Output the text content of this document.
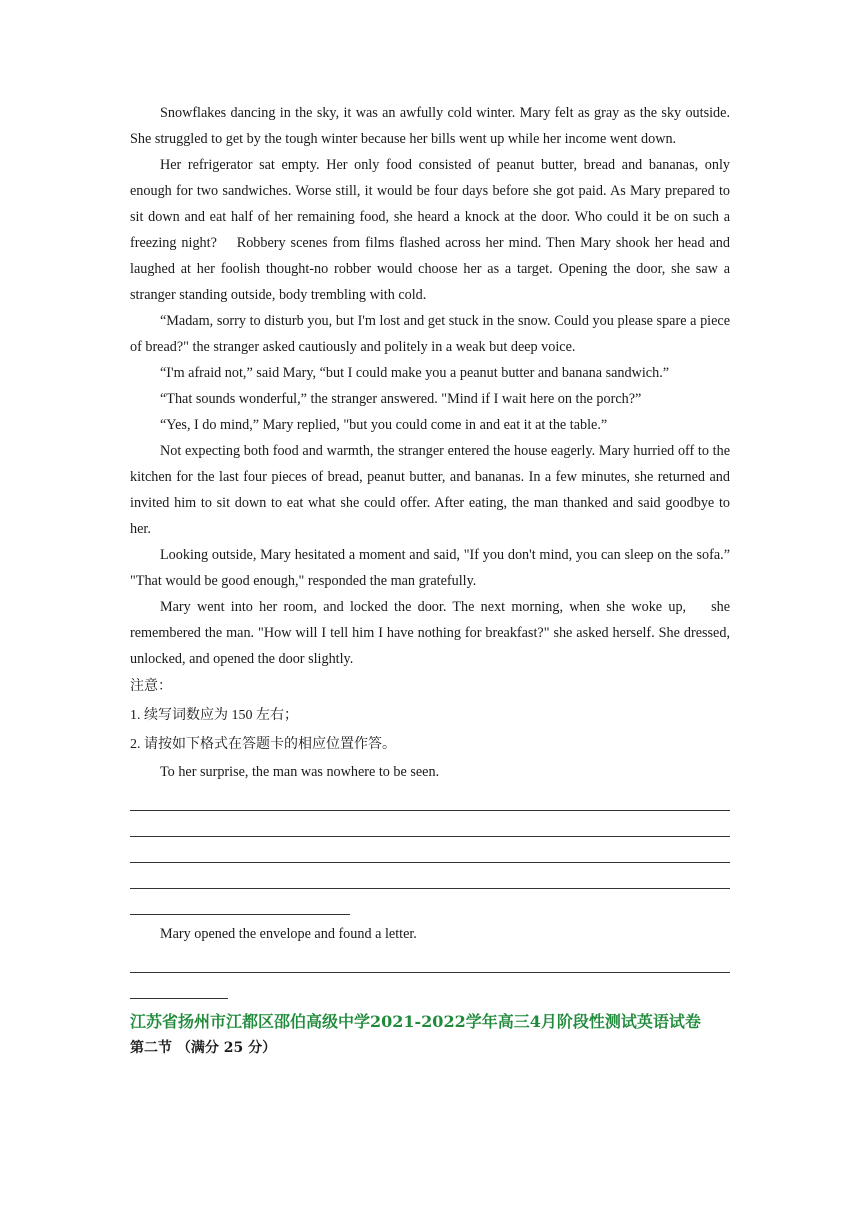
Snowflakes dancing in the sky, it was an awfully cold winter. Mary felt as gray as the sky outside. She struggled to get by the tough winter because her bills went up while her income went down.

Her refrigerator sat empty. Her only food consisted of peanut butter, bread and bananas, only enough for two sandwiches. Worse still, it would be four days before she got paid. As Mary prepared to sit down and eat half of her remaining food, she heard a knock at the door. Who could it be on such a freezing night?    Robbery scenes from films flashed across her mind. Then Mary shook her head and laughed at her foolish thought-no robber would choose her as a target. Opening the door, she saw a stranger standing outside, body trembling with cold.

“Madam, sorry to disturb you, but I'm lost and get stuck in the snow. Could you please spare a piece of bread?" the stranger asked cautiously and politely in a weak but deep voice.

“I'm afraid not,” said Mary, “but I could make you a peanut butter and banana sandwich.”

“That sounds wonderful,” the stranger answered. "Mind if I wait here on the porch?”

“Yes, I do mind,” Mary replied, "but you could come in and eat it at the table.”

Not expecting both food and warmth, the stranger entered the house eagerly. Mary hurried off to the kitchen for the last four pieces of bread, peanut butter, and bananas. In a few minutes, she returned and invited him to sit down to eat what she could offer. After eating, the man thanked and said goodbye to her.

Looking outside, Mary hesitated a moment and said, "If you don't mind, you can sleep on the sofa.” "That would be good enough," responded the man gratefully.

Mary went into her room, and locked the door. The next morning, when she woke up,    she remembered the man. "How will I tell him I have nothing for breakfast?" she asked herself. She dressed, unlocked, and opened the door slightly.

注意：

1. 续写词数应为 150 左右；

2. 请按如下格式在答题卡的相应位置作答。

To her surprise, the man was nowhere to be seen.

Mary opened the envelope and found a letter.

江苏省扬州市江都区邵伯高级中学2021-2022学年高三4月阶段性测试英语试卷
第二节 （满分 25 分）
